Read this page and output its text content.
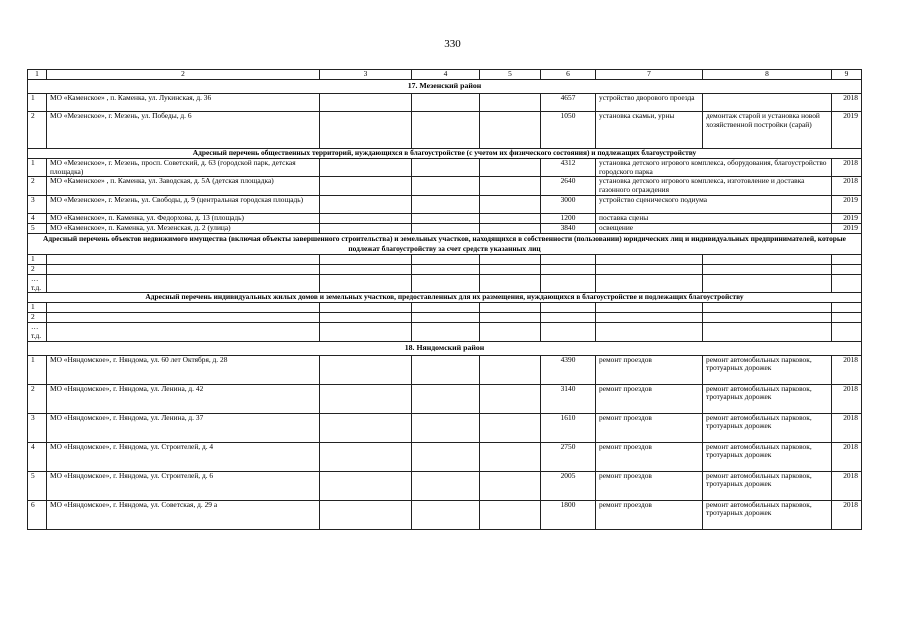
330
1	2	3	4	5	6	7	8	9
17. Мезенский район								
1	МО «Каменское» , п. Каменка, ул. Лукинская, д. 36				4657	устройство дворового проезда		2018
2	МО «Мезенское», г. Мезень, ул. Победы, д. 6				1050	установка скамьи, урны	демонтаж старой и установка новой хозяйственной постройки (сарай)	2019
Адресный перечень общественных территорий, нуждающихся в благоустройстве (с учетом их физического состояния) и подлежащих благоустройству								
1	МО «Мезенское», г. Мезень, просп. Советский, д. 63 (городской парк, детская площадка)				4312	установка детского игрового комплекса, оборудования, благоустройство городского парка		2018
2	МО «Каменское» , п. Каменка, ул. Заводская, д. 5А (детская площадка)				2640	установка детского игрового комплекса, изготовление и доставка газонного ограждения		2018
3	МО «Мезенское», г. Мезень, ул. Свободы, д. 9 (центральная городская площадь)				3000	устройство сценического подиума		2019
4	МО «Каменское», п. Каменка, ул. Федорхова, д. 13 (площадь)				1200	поставка сцены		2019
5	МО «Каменское», п. Каменка, ул. Мезенская, д. 2 (улица)				3840	освещение		2019
Адресный перечень объектов недвижимого имущества (включая объекты завершенного строительства) и земельных участков, находящихся в собственности (пользовании) юридических лиц и индивидуальных предпринимателей, которые подлежат благоустройству за счет средств указанных лиц								
1								
2								
…т.д.								
Адресный перечень индивидуальных жилых домов и земельных участков, предоставленных для их размещения, нуждающихся в благоустройстве и подлежащих благоустройству								
1								
2								
…т.д.								
18. Няндомский район								
1	МО «Няндомское», г. Няндома, ул. 60 лет Октября, д. 28				4390	ремонт проездов	ремонт автомобильных парковок, тротуарных дорожек	2018
2	МО «Няндомское», г. Няндома, ул. Ленина, д. 42				3140	ремонт проездов	ремонт автомобильных парковок, тротуарных дорожек	2018
3	МО «Няндомское», г. Няндома, ул. Ленина, д. 37				1610	ремонт проездов	ремонт автомобильных парковок, тротуарных дорожек	2018
4	МО «Няндомское», г. Няндома, ул. Строителей, д. 4				2750	ремонт проездов	ремонт автомобильных парковок, тротуарных дорожек	2018
5	МО «Няндомское», г. Няндома, ул. Строителей, д. 6				2005	ремонт проездов	ремонт автомобильных парковок, тротуарных дорожек	2018
6	МО «Няндомское», г. Няндома, ул. Советская, д. 29 а				1800	ремонт проездов	ремонт автомобильных парковок, тротуарных дорожек	2018
